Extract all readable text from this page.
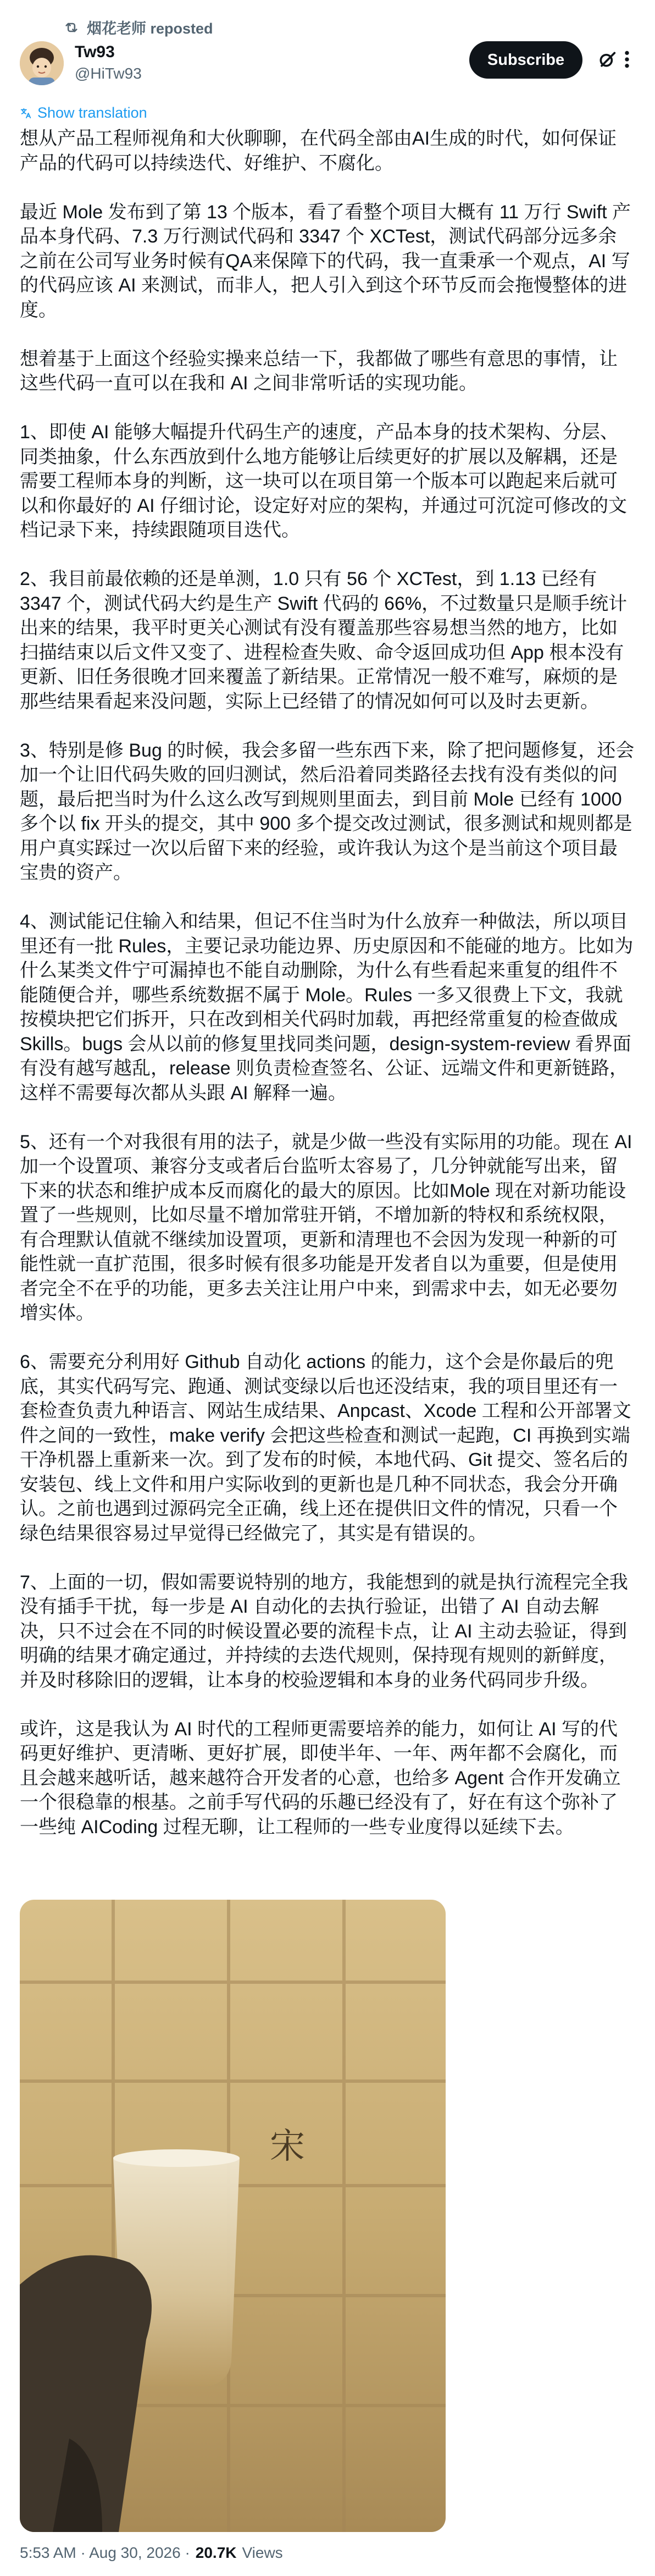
烟花老师 reposted
Tw93
@HiTw93
Subscribe
Show translation
想从产品工程师视角和大伙聊聊，在代码全部由AI生成的时代，如何保证产品的代码可以持续迭代、好维护、不腐化。

最近 Mole 发布到了第 13 个版本，看了看整个项目大概有 11 万行 Swift 产品本身代码、7.3 万行测试代码和 3347 个 XCTest，测试代码部分远多余之前在公司写业务时候有QA来保障下的代码，我一直秉承一个观点，AI 写的代码应该 AI 来测试，而非人，把人引入到这个环节反而会拖慢整体的进度。

想着基于上面这个经验实操来总结一下，我都做了哪些有意思的事情，让这些代码一直可以在我和 AI 之间非常听话的实现功能。

1、即使 AI 能够大幅提升代码生产的速度，产品本身的技术架构、分层、同类抽象，什么东西放到什么地方能够让后续更好的扩展以及解耦，还是需要工程师本身的判断，这一块可以在项目第一个版本可以跑起来后就可以和你最好的 AI 仔细讨论，设定好对应的架构，并通过可沉淀可修改的文档记录下来，持续跟随项目迭代。

2、我目前最依赖的还是单测，1.0 只有 56 个 XCTest，到 1.13 已经有 3347 个，测试代码大约是生产 Swift 代码的 66%，不过数量只是顺手统计出来的结果，我平时更关心测试有没有覆盖那些容易想当然的地方，比如扫描结束以后文件又变了、进程检查失败、命令返回成功但 App 根本没有更新、旧任务很晚才回来覆盖了新结果。正常情况一般不难写，麻烦的是那些结果看起来没问题，实际上已经错了的情况如何可以及时去更新。

3、特别是修 Bug 的时候，我会多留一些东西下来，除了把问题修复，还会加一个让旧代码失败的回归测试，然后沿着同类路径去找有没有类似的问题，最后把当时为什么这么改写到规则里面去，到目前 Mole 已经有 1000 多个以 fix 开头的提交，其中 900 多个提交改过测试，很多测试和规则都是用户真实踩过一次以后留下来的经验，或许我认为这个是当前这个项目最宝贵的资产。

4、测试能记住输入和结果，但记不住当时为什么放弃一种做法，所以项目里还有一批 Rules，主要记录功能边界、历史原因和不能碰的地方。比如为什么某类文件宁可漏掉也不能自动删除，为什么有些看起来重复的组件不能随便合并，哪些系统数据不属于 Mole。Rules 一多又很费上下文，我就按模块把它们拆开，只在改到相关代码时加载，再把经常重复的检查做成 Skills。bugs 会从以前的修复里找同类问题，design-system-review 看界面有没有越写越乱，release 则负责检查签名、公证、远端文件和更新链路，这样不需要每次都从头跟 AI 解释一遍。

5、还有一个对我很有用的法子，就是少做一些没有实际用的功能。现在 AI 加一个设置项、兼容分支或者后台监听太容易了，几分钟就能写出来，留下来的状态和维护成本反而腐化的最大的原因。比如Mole 现在对新功能设置了一些规则，比如尽量不增加常驻开销，不增加新的特权和系统权限，有合理默认值就不继续加设置项，更新和清理也不会因为发现一种新的可能性就一直扩范围，很多时候有很多功能是开发者自以为重要，但是使用者完全不在乎的功能，更多去关注让用户中来，到需求中去，如无必要勿增实体。

6、需要充分利用好 Github 自动化 actions 的能力，这个会是你最后的兜底，其实代码写完、跑通、测试变绿以后也还没结束，我的项目里还有一套检查负责九种语言、网站生成结果、Anpcast、Xcode 工程和公开部署文件之间的一致性，make verify 会把这些检查和测试一起跑，CI 再换到实端干净机器上重新来一次。到了发布的时候，本地代码、Git 提交、签名后的安装包、线上文件和用户实际收到的更新也是几种不同状态，我会分开确认。之前也遇到过源码完全正确，线上还在提供旧文件的情况，只看一个绿色结果很容易过早觉得已经做完了，其实是有错误的。

7、上面的一切，假如需要说特别的地方，我能想到的就是执行流程完全我没有插手干扰，每一步是 AI 自动化的去执行验证，出错了 AI 自动去解决，只不过会在不同的时候设置必要的流程卡点，让 AI 主动去验证，得到明确的结果才确定通过，并持续的去迭代规则，保持现有规则的新鲜度，并及时移除旧的逻辑，让本身的校验逻辑和本身的业务代码同步升级。

或许，这是我认为 AI 时代的工程师更需要培养的能力，如何让 AI 写的代码更好维护、更清晰、更好扩展，即使半年、一年、两年都不会腐化，而且会越来越听话，越来越符合开发者的心意，也给多 Agent 合作开发确立一个很稳靠的根基。之前手写代码的乐趣已经没有了，好在有这个弥补了一些纯 AICoding 过程无聊，让工程师的一些专业度得以延续下去。
宋
5:53 AM · Aug 30, 2026 · 20.7K Views
